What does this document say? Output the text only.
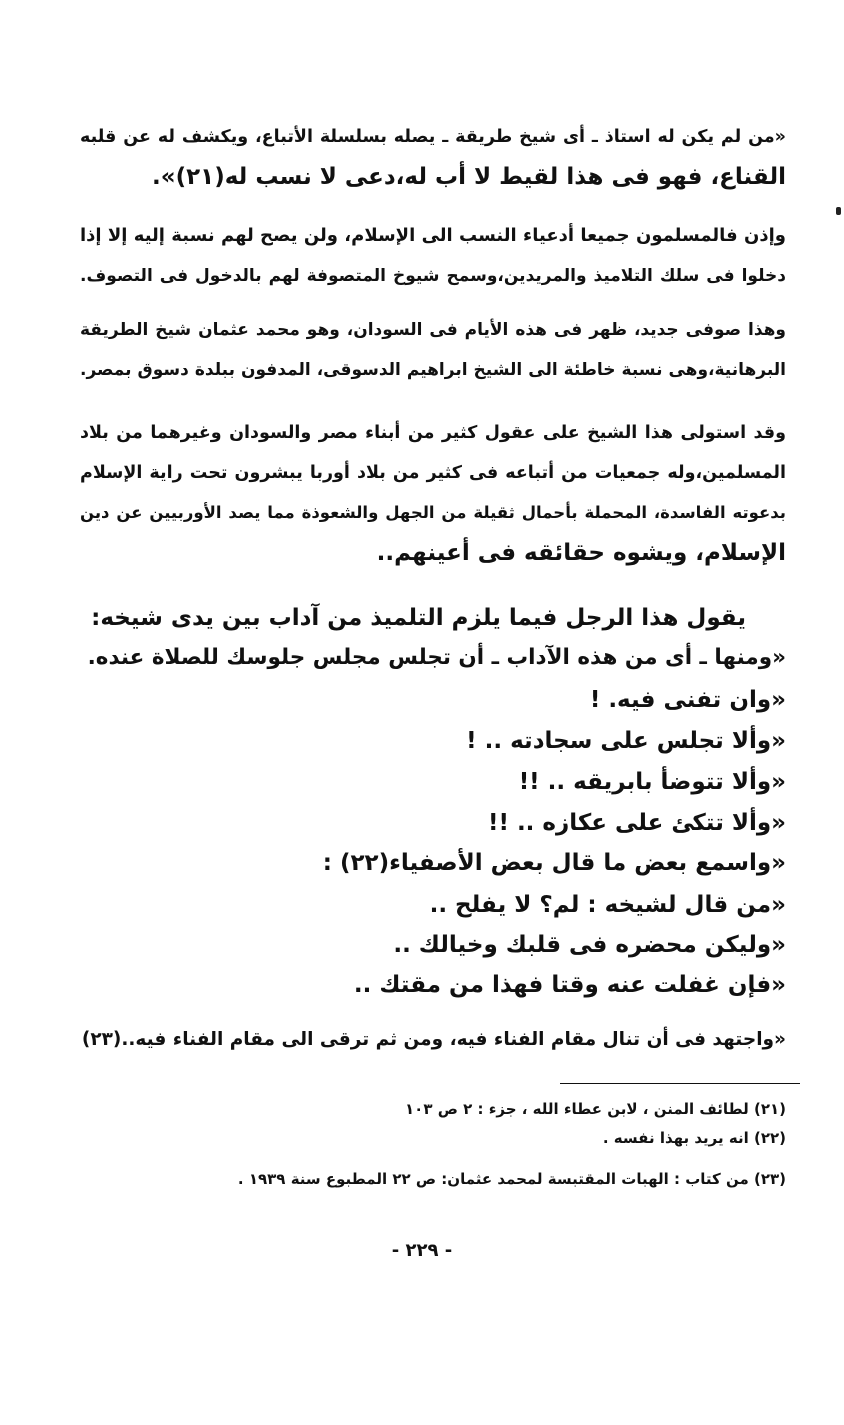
«من لم يكن له استاذ ـ أى شيخ طريقة ـ يصله بسلسلة الأتباع، ويكشف له عن قلبه
القناع، فهو فى هذا لقيط لا أب له،دعى لا نسب له(٢١)».
وإذن فالمسلمون جميعا أدعياء النسب الى الإسلام، ولن يصح لهم نسبة إليه إلا إذا
دخلوا فى سلك التلاميذ والمريدين،وسمح شيوخ المتصوفة لهم بالدخول فى التصوف.
وهذا صوفى جديد، ظهر فى هذه الأيام فى السودان، وهو محمد عثمان شيخ الطريقة
البرهانية،وهى نسبة خاطئة الى الشيخ ابراهيم الدسوقى، المدفون ببلدة دسوق بمصر.
وقد استولى هذا الشيخ على عقول كثير من أبناء مصر والسودان وغيرهما من بلاد
المسلمين،وله جمعيات من أتباعه فى كثير من بلاد أوربا يبشرون تحت راية الإسلام
بدعوته الفاسدة، المحملة بأحمال ثقيلة من الجهل والشعوذة مما يصد الأوربيين عن دين
الإسلام، ويشوه حقائقه فى أعينهم..
يقول هذا الرجل فيما يلزم التلميذ من آداب بين يدى شيخه:
«ومنها ـ أى من هذه الآداب ـ أن تجلس مجلس جلوسك للصلاة عنده.
«وان تفنى فيه. !
«وألا تجلس على سجادته .. !
«وألا تتوضأ بابريقه .. !!
«وألا تتكئ على عكازه .. !!
«واسمع بعض ما قال بعض الأصفياء(٢٢) :
«من قال لشيخه : لم؟ لا يفلح ..
«وليكن محضره فى قلبك وخيالك ..
«فإن غفلت عنه وقتا فهذا من مقتك ..
«واجتهد فى أن تنال مقام الفناء فيه، ومن ثم ترقى الى مقام الفناء فيه..(٢٣)
(٢١) لطائف المنن ، لابن عطاء الله ، جزء : ٢ ص ١٠٣
(٢٢) انه يريد بهذا نفسه .
(٢٣) من كتاب : الهبات المقتبسة لمحمد عثمان: ص ٢٢ المطبوع سنة ١٩٣٩ .
- ٢٢٩ -
